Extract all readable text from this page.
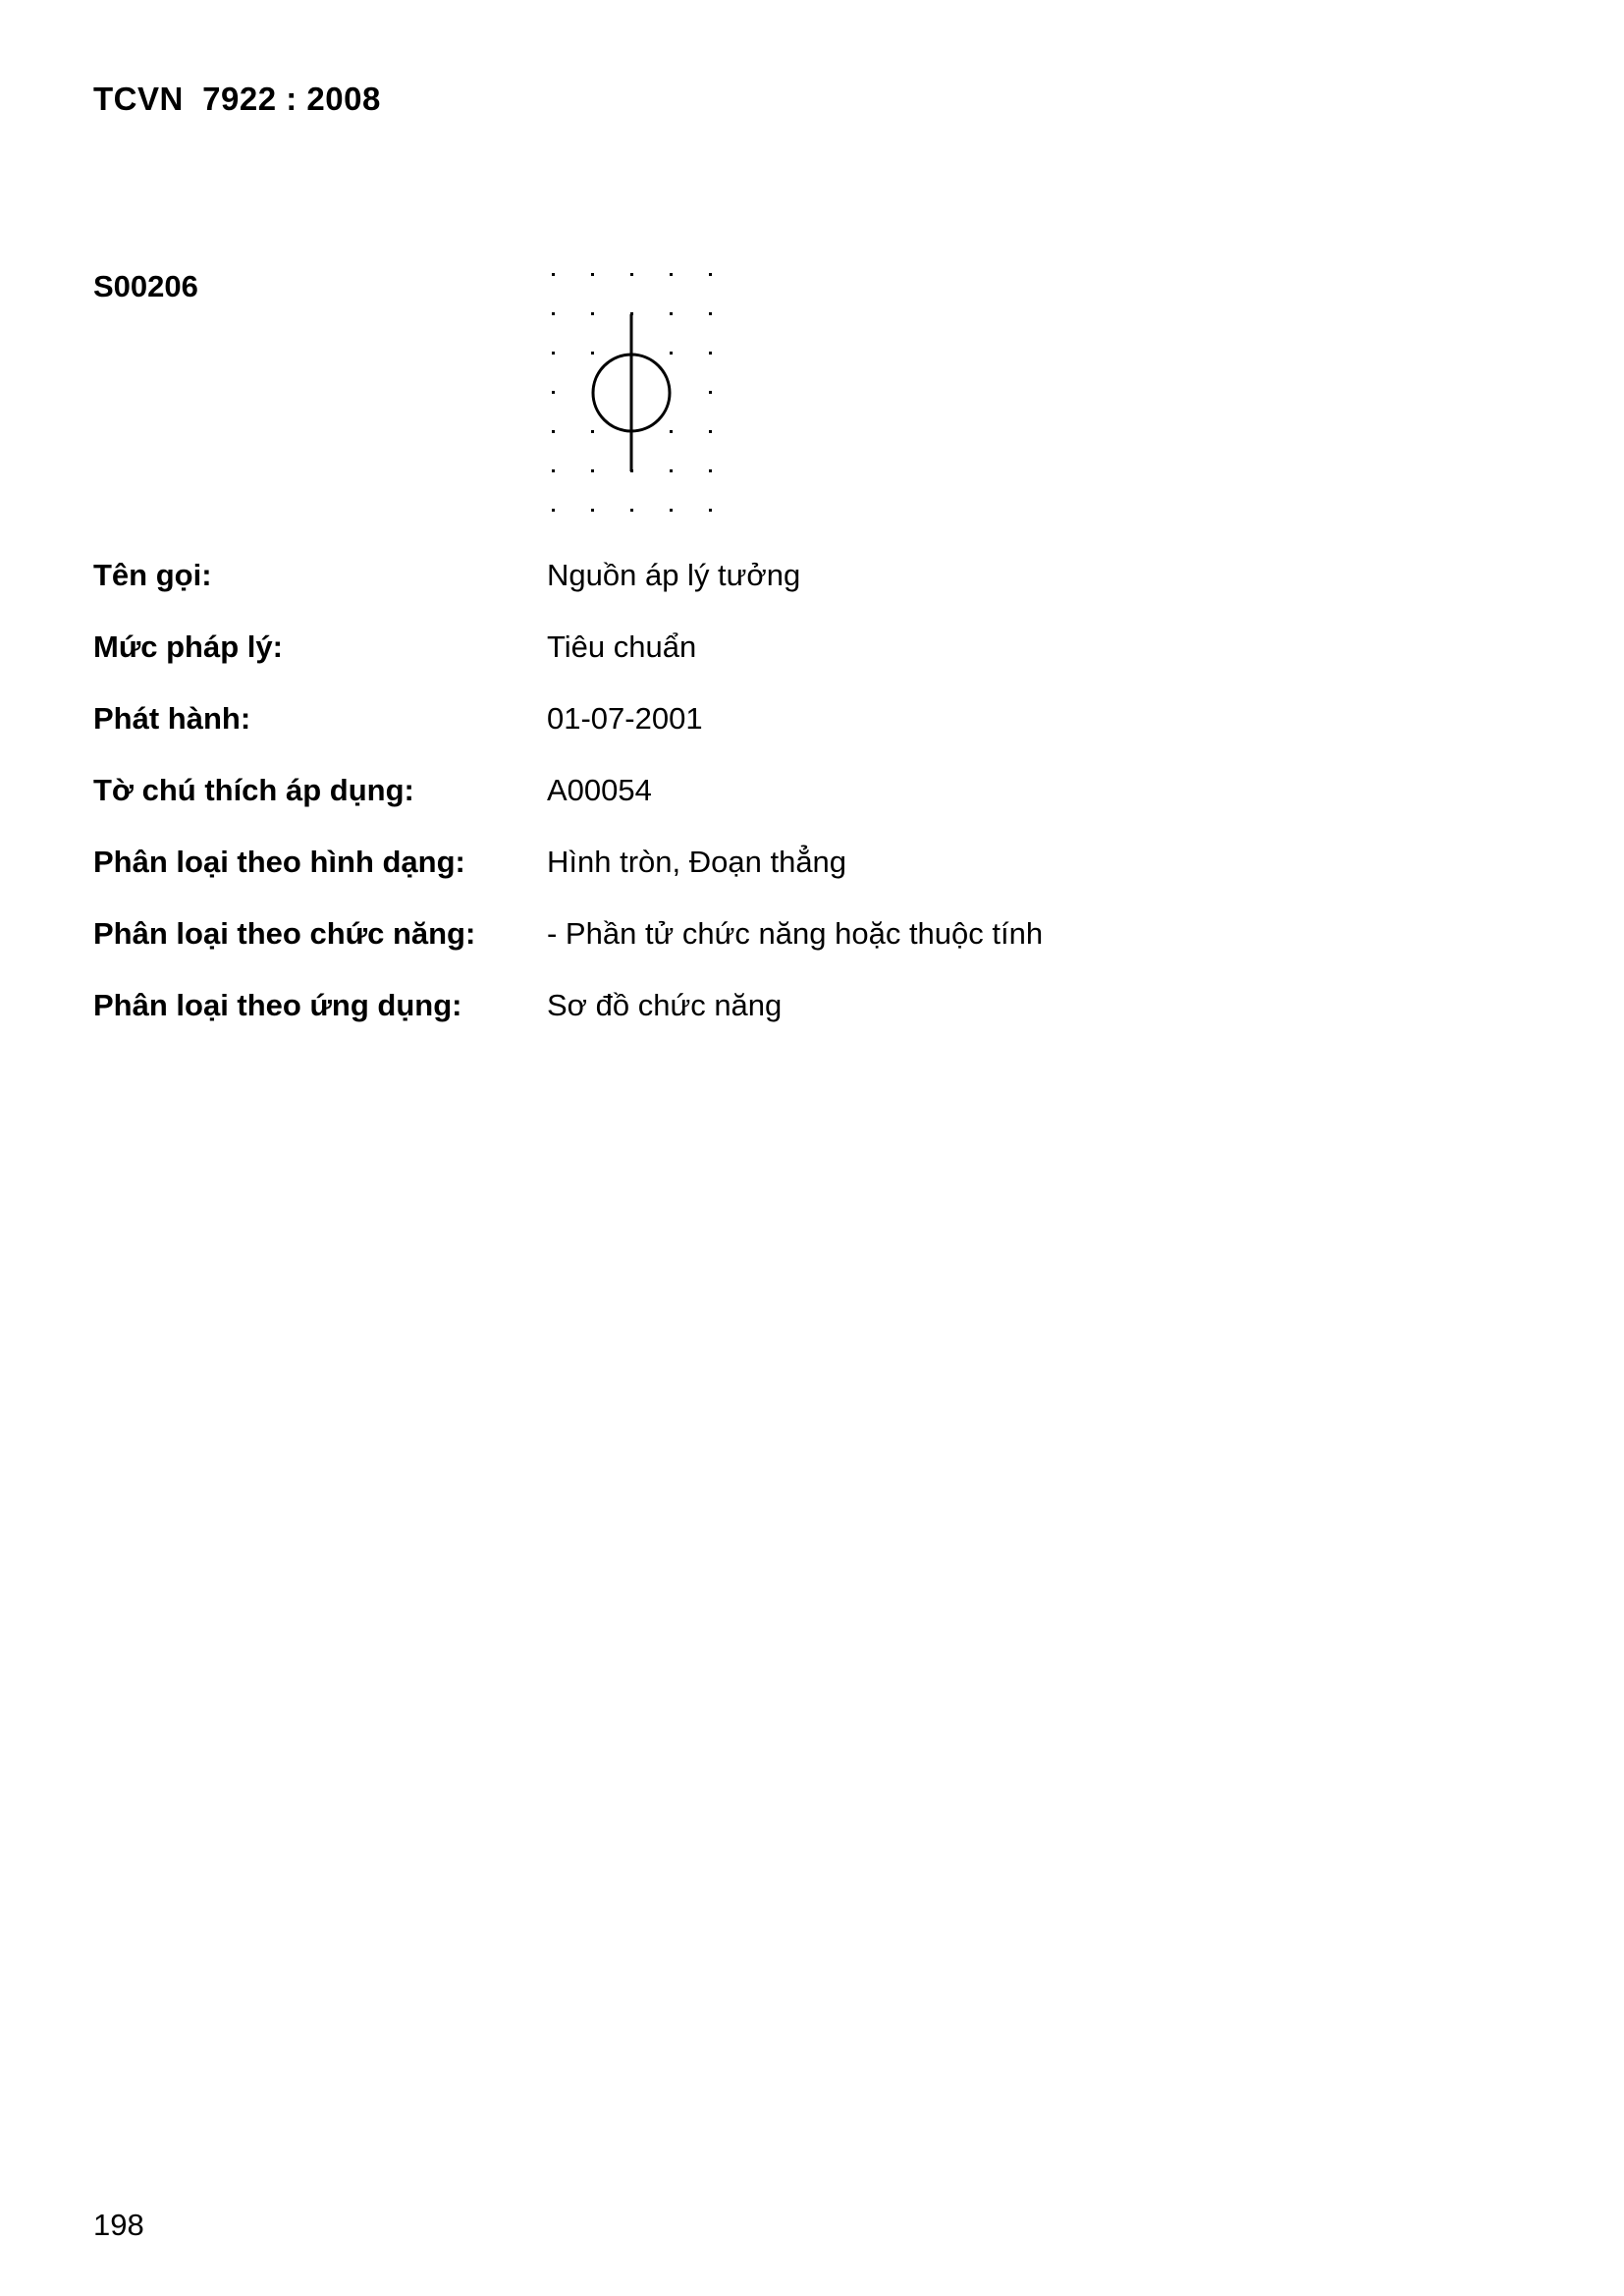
TCVN  7922 : 2008
S00206
Tên gọi:	Nguồn áp lý tưởng
Mức pháp lý:	Tiêu chuẩn
Phát hành:	01-07-2001
Tờ chú thích áp dụng:	A00054
Phân loại theo hình dạng:	Hình tròn, Đoạn thẳng
Phân loại theo chức năng: - Phần tử chức năng hoặc thuộc tính
Phân loại theo ứng dụng:	Sơ đồ chức năng
198
